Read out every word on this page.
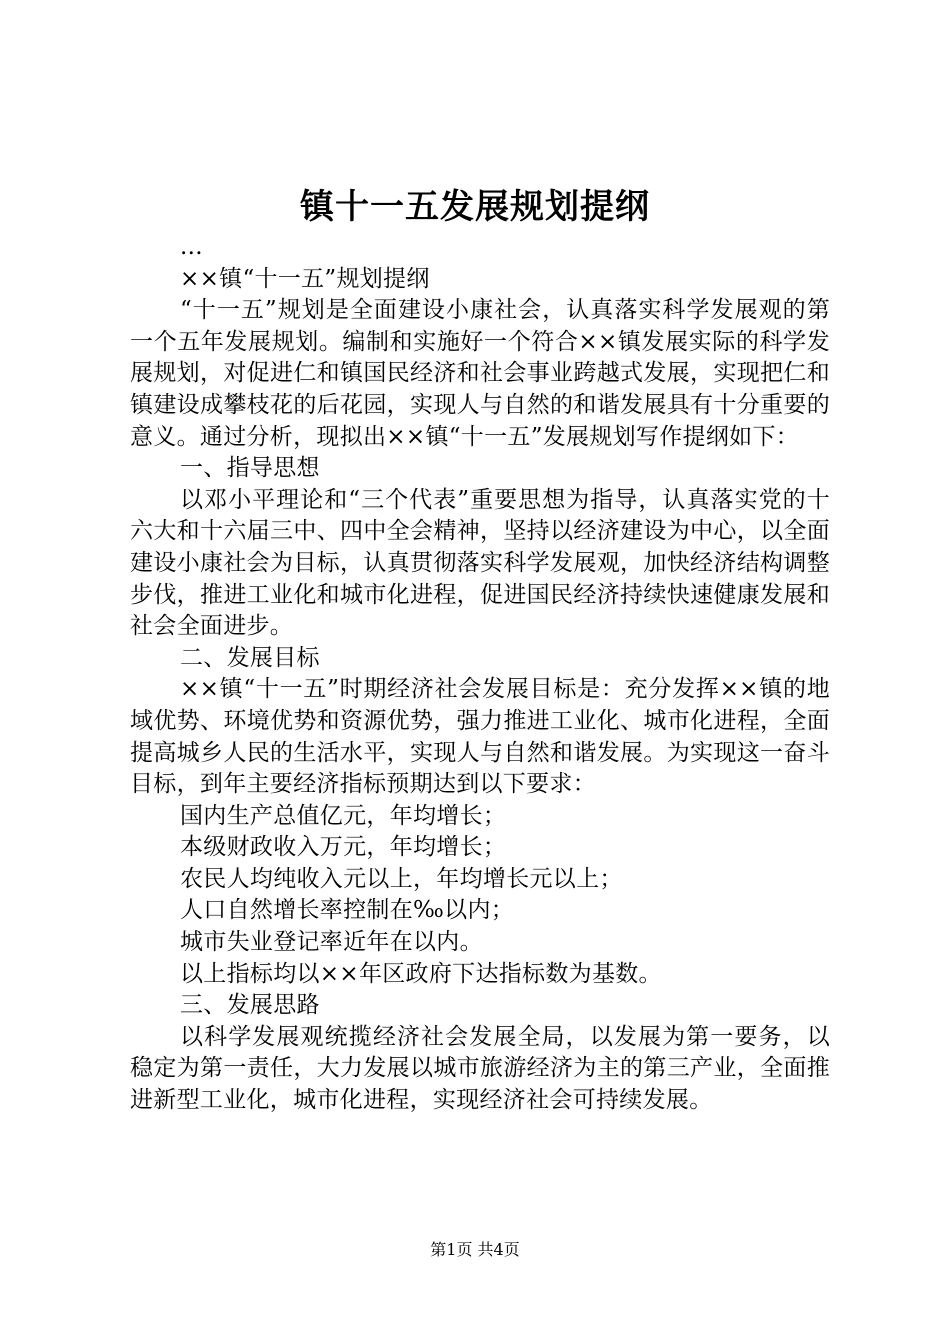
镇十一五发展规划提纲

...

××镇“十一五”规划提纲

“十一五”规划是全面建设小康社会，认真落实科学发展观的第一个五年发展规划。编制和实施好一个符合××镇发展实际的科学发展规划，对促进仁和镇国民经济和社会事业跨越式发展，实现把仁和镇建设成攀枝花的后花园，实现人与自然的和谐发展具有十分重要的意义。通过分析，现拟出××镇“十一五”发展规划写作提纲如下：

一、指导思想

以邓小平理论和“三个代表”重要思想为指导，认真落实党的十六大和十六届三中、四中全会精神，坚持以经济建设为中心，以全面建设小康社会为目标，认真贯彻落实科学发展观，加快经济结构调整步伐，推进工业化和城市化进程，促进国民经济持续快速健康发展和社会全面进步。

二、发展目标

××镇“十一五”时期经济社会发展目标是：充分发挥××镇的地域优势、环境优势和资源优势，强力推进工业化、城市化进程，全面提高城乡人民的生活水平，实现人与自然和谐发展。为实现这一奋斗目标，到年主要经济指标预期达到以下要求：

国内生产总值亿元，年均增长；

本级财政收入万元，年均增长；

农民人均纯收入元以上，年均增长元以上；

人口自然增长率控制在‰以内；

城市失业登记率近年在以内。

以上指标均以××年区政府下达指标数为基数。

三、发展思路

以科学发展观统揽经济社会发展全局，以发展为第一要务，以稳定为第一责任，大力发展以城市旅游经济为主的第三产业，全面推进新型工业化，城市化进程，实现经济社会可持续发展。

第1页 共4页
